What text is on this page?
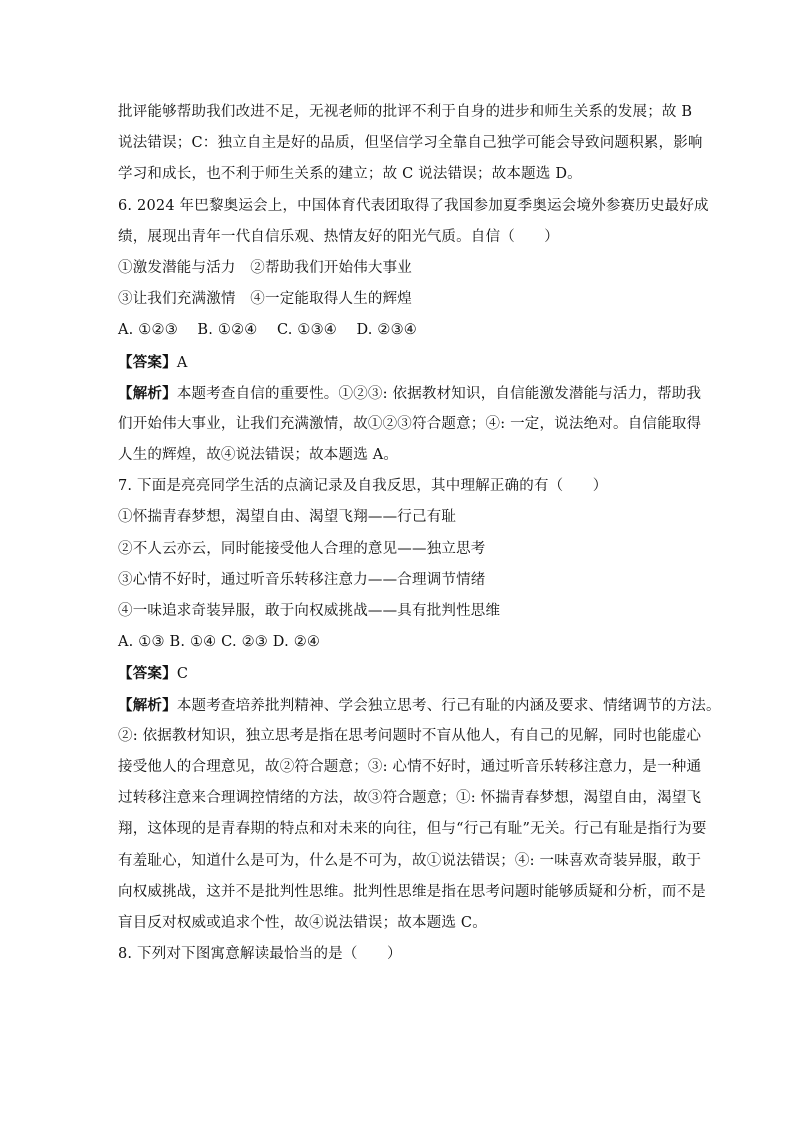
批评能够帮助我们改进不足，无视老师的批评不利于自身的进步和师生关系的发展；故 B
说法错误；C：独立自主是好的品质，但坚信学习全靠自己独学可能会导致问题积累，影响
学习和成长，也不利于师生关系的建立；故 C 说法错误；故本题选 D。
6. 2024 年巴黎奥运会上，中国体育代表团取得了我国参加夏季奥运会境外参赛历史最好成
绩，展现出青年一代自信乐观、热情友好的阳光气质。自信（　　）
①激发潜能与活力　②帮助我们开始伟大事业
③让我们充满激情　④一定能取得人生的辉煌
A. ①②③　 B. ①②④　 C. ①③④　 D. ②③④
【答案】A
【解析】本题考查自信的重要性。①②③: 依据教材知识，自信能激发潜能与活力，帮助我
们开始伟大事业，让我们充满激情，故①②③符合题意；④: 一定，说法绝对。自信能取得
人生的辉煌，故④说法错误；故本题选 A。
7. 下面是亮亮同学生活的点滴记录及自我反思，其中理解正确的有（　　）
①怀揣青春梦想，渴望自由、渴望飞翔——行己有耻
②不人云亦云，同时能接受他人合理的意见——独立思考
③心情不好时，通过听音乐转移注意力——合理调节情绪
④一味追求奇装异服，敢于向权威挑战——具有批判性思维
A. ①③ B. ①④ C. ②③ D. ②④
【答案】C
【解析】本题考查培养批判精神、学会独立思考、行己有耻的内涵及要求、情绪调节的方法。
②: 依据教材知识，独立思考是指在思考问题时不盲从他人，有自己的见解，同时也能虚心
接受他人的合理意见，故②符合题意；③: 心情不好时，通过听音乐转移注意力，是一种通
过转移注意来合理调控情绪的方法，故③符合题意；①: 怀揣青春梦想，渴望自由，渴望飞
翔，这体现的是青春期的特点和对未来的向往，但与“行己有耻”无关。行己有耻是指行为要
有羞耻心，知道什么是可为，什么是不可为，故①说法错误；④: 一味喜欢奇装异服，敢于
向权威挑战，这并不是批判性思维。批判性思维是指在思考问题时能够质疑和分析，而不是
盲目反对权威或追求个性，故④说法错误；故本题选 C。
8. 下列对下图寓意解读最恰当的是（　　）
